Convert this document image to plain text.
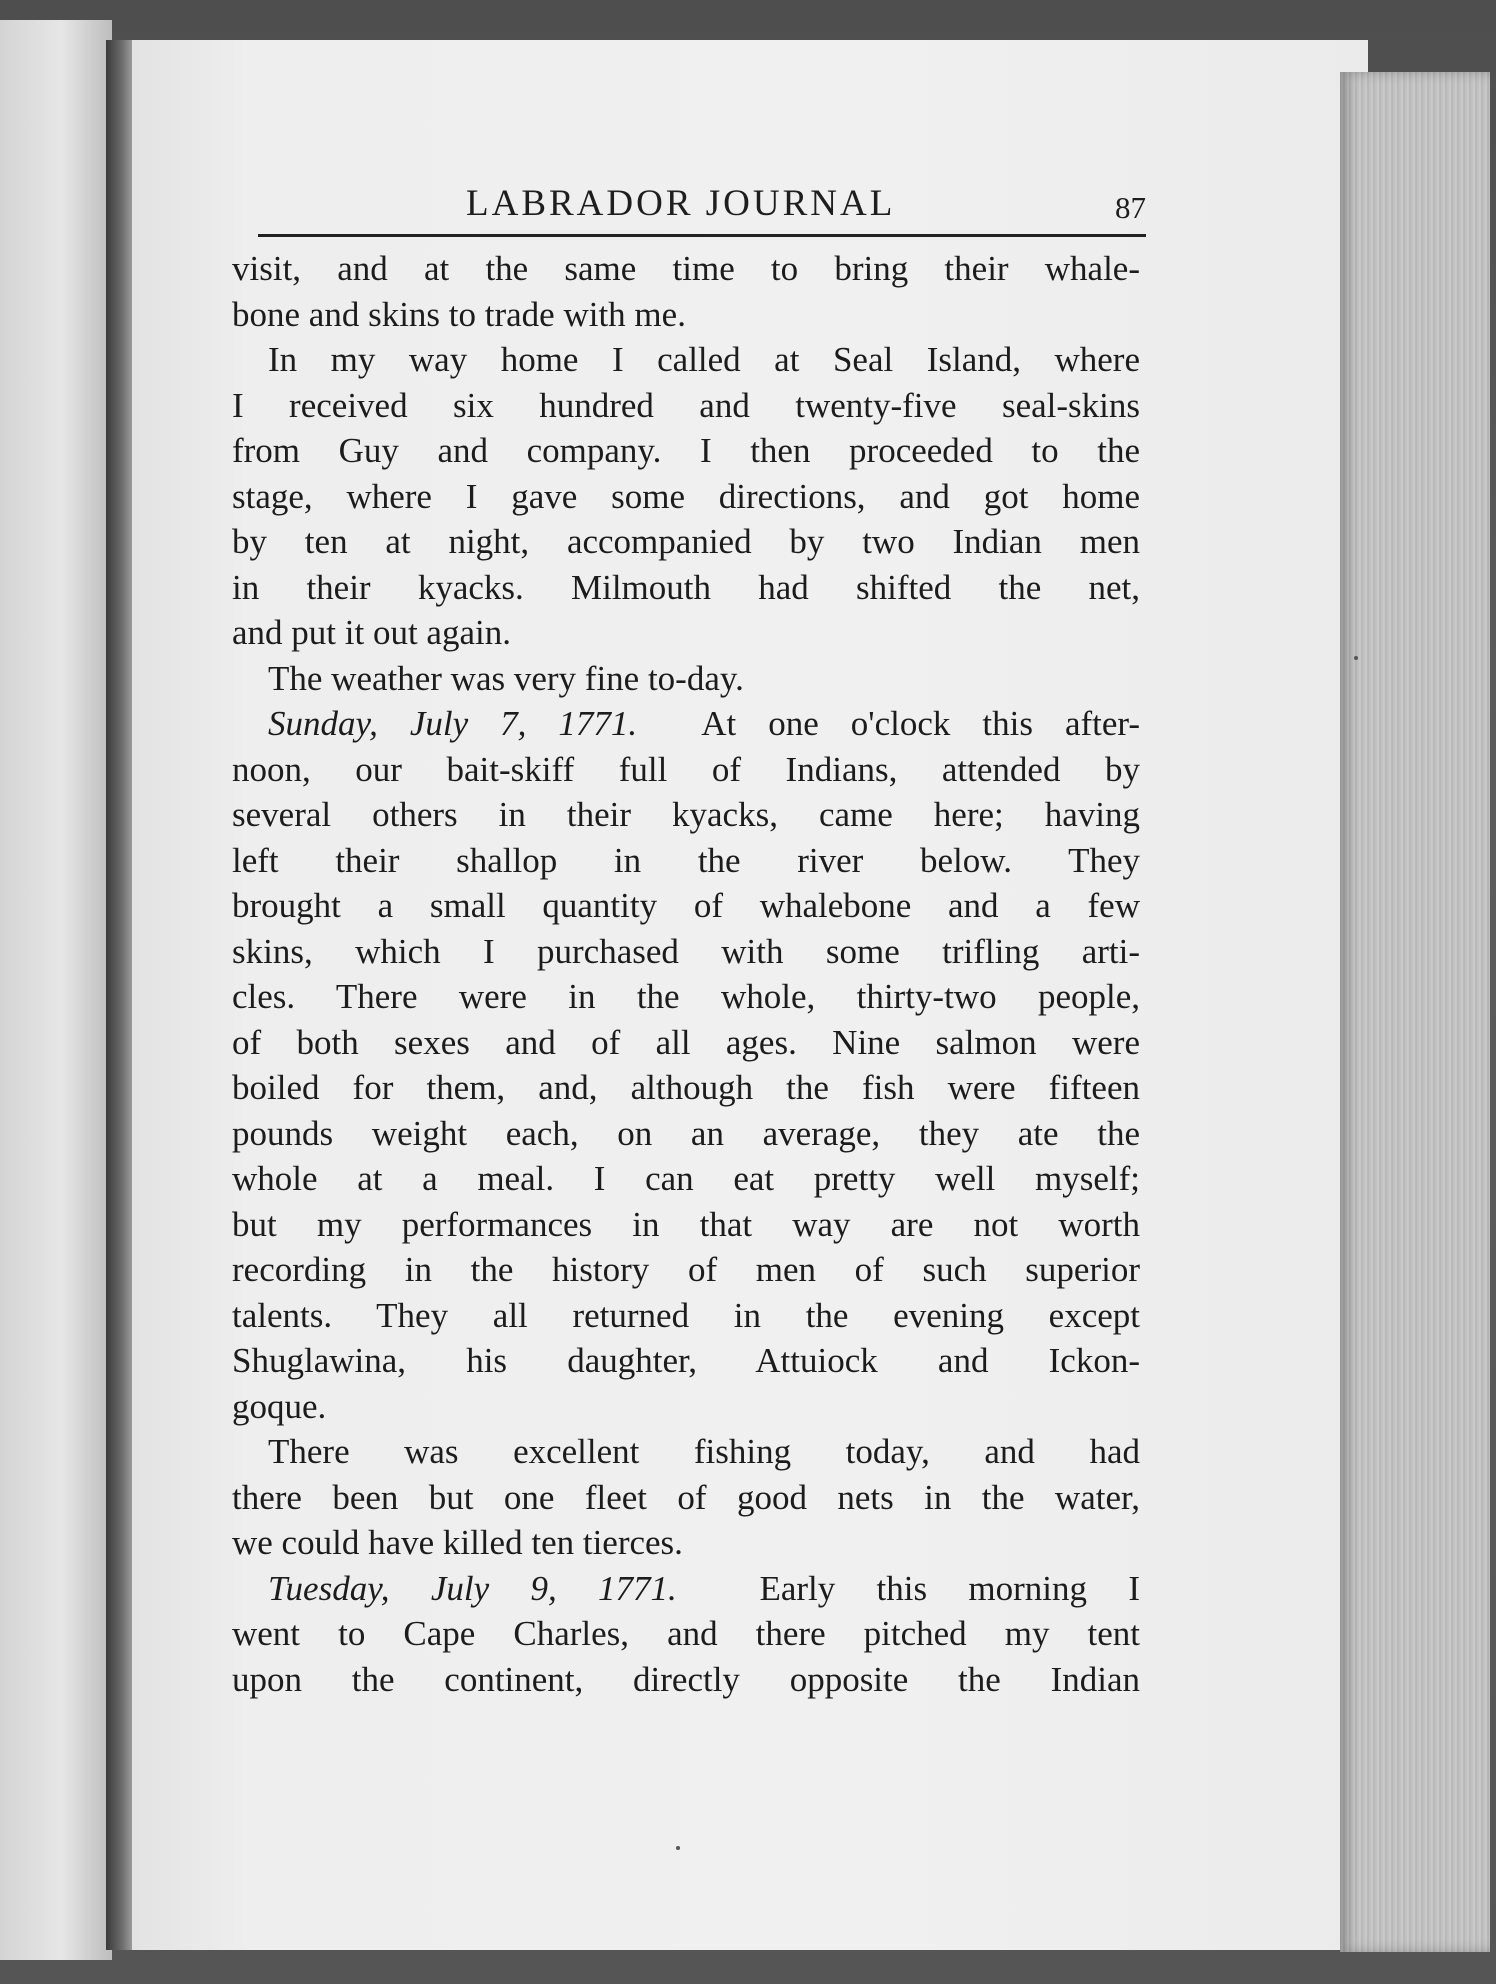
LABRADOR JOURNAL	87

visit, and at the same time to bring their whale-
bone and skins to trade with me.

In my way home I called at Seal Island, where
I received six hundred and twenty-five seal-skins
from Guy and company. I then proceeded to the
stage, where I gave some directions, and got home
by ten at night, accompanied by two Indian men
in their kyacks. Milmouth had shifted the net,
and put it out again.

The weather was very fine to-day.

Sunday, July 7, 1771. At one o'clock this after-
noon, our bait-skiff full of Indians, attended by
several others in their kyacks, came here; having
left their shallop in the river below. They
brought a small quantity of whalebone and a few
skins, which I purchased with some trifling arti-
cles. There were in the whole, thirty-two people,
of both sexes and of all ages. Nine salmon were
boiled for them, and, although the fish were fifteen
pounds weight each, on an average, they ate the
whole at a meal. I can eat pretty well myself;
but my performances in that way are not worth
recording in the history of men of such superior
talents. They all returned in the evening except
Shuglawina, his daughter, Attuiock and Ickon-
goque.

There was excellent fishing today, and had
there been but one fleet of good nets in the water,
we could have killed ten tierces.

Tuesday, July 9, 1771. Early this morning I
went to Cape Charles, and there pitched my tent
upon the continent, directly opposite the Indian
